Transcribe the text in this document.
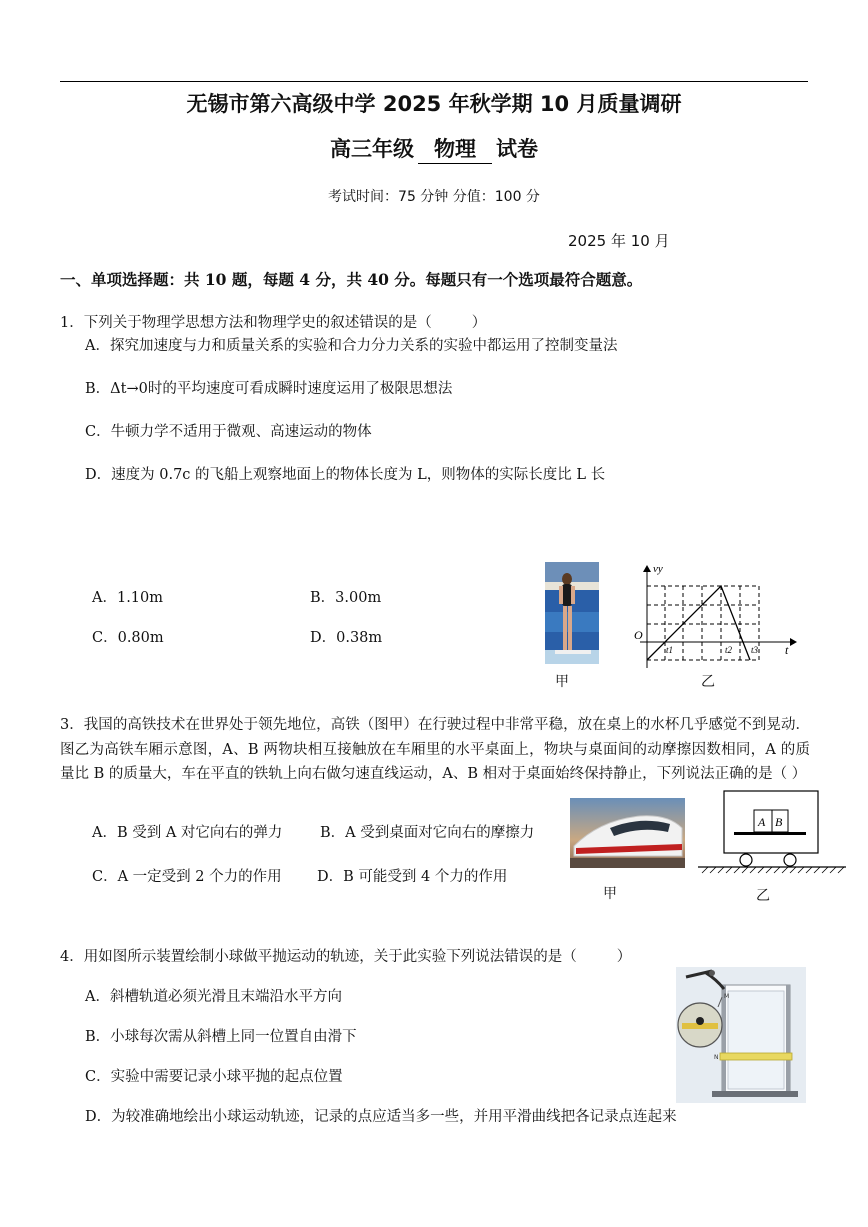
无锡市第六高级中学 2025 年秋学期 10 月质量调研
高三年级 物理 试卷
考试时间：75 分钟 分值：100 分
2025 年 10 月
一、单项选择题：共 10 题，每题 4 分，共 40 分。每题只有一个选项最符合题意。
1．下列关于物理学思想方法和物理学史的叙述错误的是（	）
A．探究加速度与力和质量关系的实验和合力分力关系的实验中都运用了控制变量法
B．Δt→0时的平均速度可看成瞬时速度运用了极限思想法
C．牛顿力学不适用于微观、高速运动的物体
D．速度为 0.7c 的飞船上观察地面上的物体长度为 L，则物体的实际长度比 L 长
A．1.10m	B．3.00m
C．0.80m	D．0.38m
甲
vy
O
t
t1	t2 t3
乙
3．我国的高铁技术在世界处于领先地位，高铁（图甲）在行驶过程中非常平稳，放在桌上的水杯几乎感觉不到晃动．图乙为高铁车厢示意图，A、B 两物块相互接触放在车厢里的水平桌面上，物块与桌面间的动摩擦因数相同，A 的质量比 B 的质量大，车在平直的铁轨上向右做匀速直线运动，A、B 相对于桌面始终保持静止，下列说法正确的是（ ）
A．B 受到 A 对它向右的弹力	B．A 受到桌面对它向右的摩擦力
C．A 一定受到 2 个力的作用 D．B 可能受到 4 个力的作用
甲
A B
乙
4．用如图所示装置绘制小球做平抛运动的轨迹，关于此实验下列说法错误的是（	）
A．斜槽轨道必须光滑且末端沿水平方向
B．小球每次需从斜槽上同一位置自由滑下
C．实验中需要记录小球平抛的起点位置
D．为较准确地绘出小球运动轨迹，记录的点应适当多一些，并用平滑曲线把各记录点连起来
M
N
